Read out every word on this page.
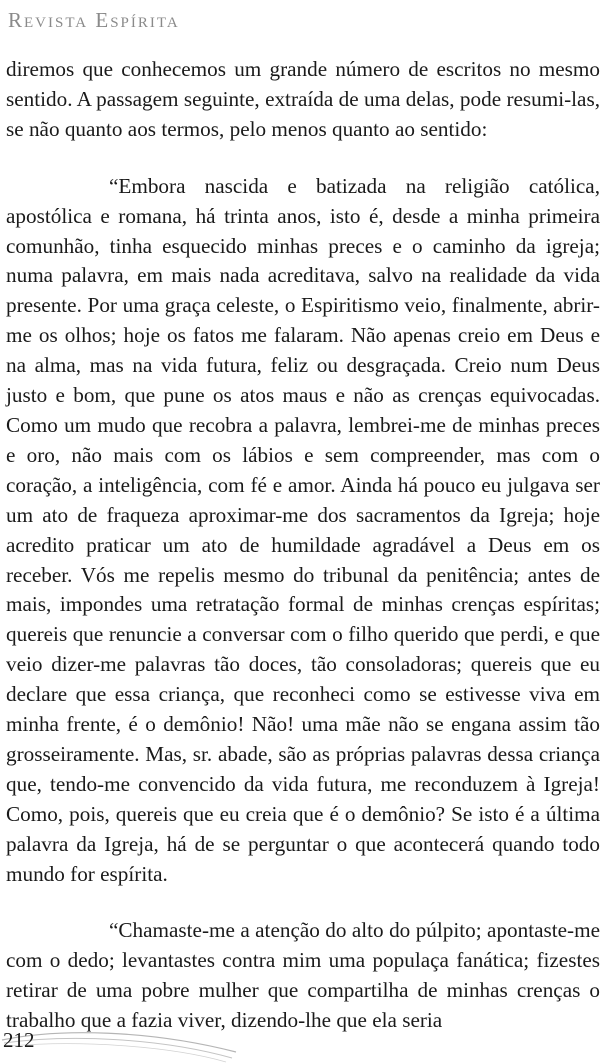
Revista Espírita

diremos que conhecemos um grande número de escritos no mesmo sentido. A passagem seguinte, extraída de uma delas, pode resumi-las, se não quanto aos termos, pelo menos quanto ao sentido:

“Embora nascida e batizada na religião católica, apostólica e romana, há trinta anos, isto é, desde a minha primeira comunhão, tinha esquecido minhas preces e o caminho da igreja; numa palavra, em mais nada acreditava, salvo na realidade da vida presente. Por uma graça celeste, o Espiritismo veio, finalmente, abrir-me os olhos; hoje os fatos me falaram. Não apenas creio em Deus e na alma, mas na vida futura, feliz ou desgraçada. Creio num Deus justo e bom, que pune os atos maus e não as crenças equivocadas. Como um mudo que recobra a palavra, lembrei-me de minhas preces e oro, não mais com os lábios e sem compreender, mas com o coração, a inteligência, com fé e amor. Ainda há pouco eu julgava ser um ato de fraqueza aproximar-me dos sacramentos da Igreja; hoje acredito praticar um ato de humildade agradável a Deus em os receber. Vós me repelis mesmo do tribunal da penitência; antes de mais, impondes uma retratação formal de minhas crenças espíritas; quereis que renuncie a conversar com o filho querido que perdi, e que veio dizer-me palavras tão doces, tão consoladoras; quereis que eu declare que essa criança, que reconheci como se estivesse viva em minha frente, é o demônio! Não! uma mãe não se engana assim tão grosseiramente. Mas, sr. abade, são as próprias palavras dessa criança que, tendo-me convencido da vida futura, me reconduzem à Igreja! Como, pois, quereis que eu creia que é o demônio? Se isto é a última palavra da Igreja, há de se perguntar o que acontecerá quando todo mundo for espírita.

“Chamaste-me a atenção do alto do púlpito; apontaste-me com o dedo; levantastes contra mim uma populaça fanática; fizestes retirar de uma pobre mulher que compartilha de minhas crenças o trabalho que a fazia viver, dizendo-lhe que ela seria

212
